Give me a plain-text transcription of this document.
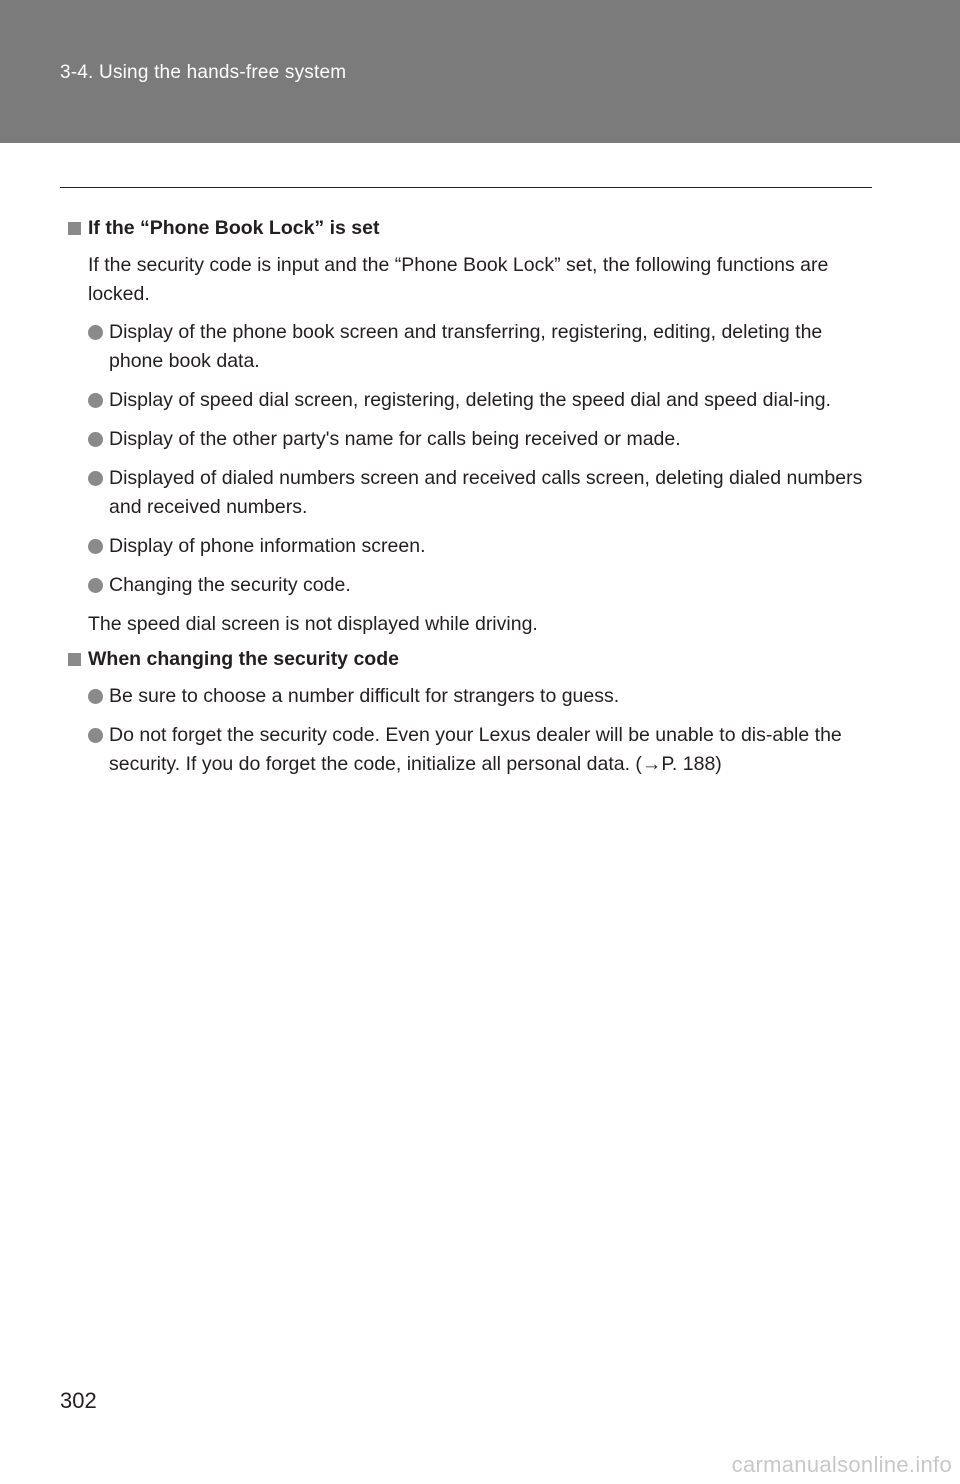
3-4. Using the hands-free system
If the “Phone Book Lock” is set
If the security code is input and the “Phone Book Lock” set, the following functions are locked.
Display of the phone book screen and transferring, registering, editing, deleting the phone book data.
Display of speed dial screen, registering, deleting the speed dial and speed dial-ing.
Display of the other party's name for calls being received or made.
Displayed of dialed numbers screen and received calls screen, deleting dialed numbers and received numbers.
Display of phone information screen.
Changing the security code.
The speed dial screen is not displayed while driving.
When changing the security code
Be sure to choose a number difficult for strangers to guess.
Do not forget the security code. Even your Lexus dealer will be unable to dis-able the security. If you do forget the code, initialize all personal data. (→P. 188)
302
carmanualsonline.info
